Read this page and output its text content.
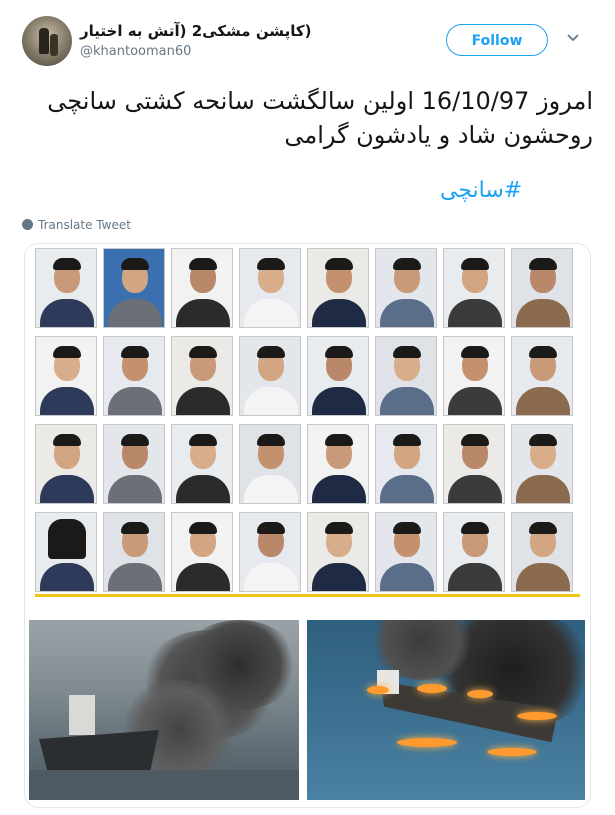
(کاپشن مشکی2 (آتش به اختیار
@khantooman60
Follow
امروز 16/10/97 اولین سالگشت سانحه کشتی سانچی
روحشون شاد و یادشون گرامی
#سانچی
Translate Tweet
